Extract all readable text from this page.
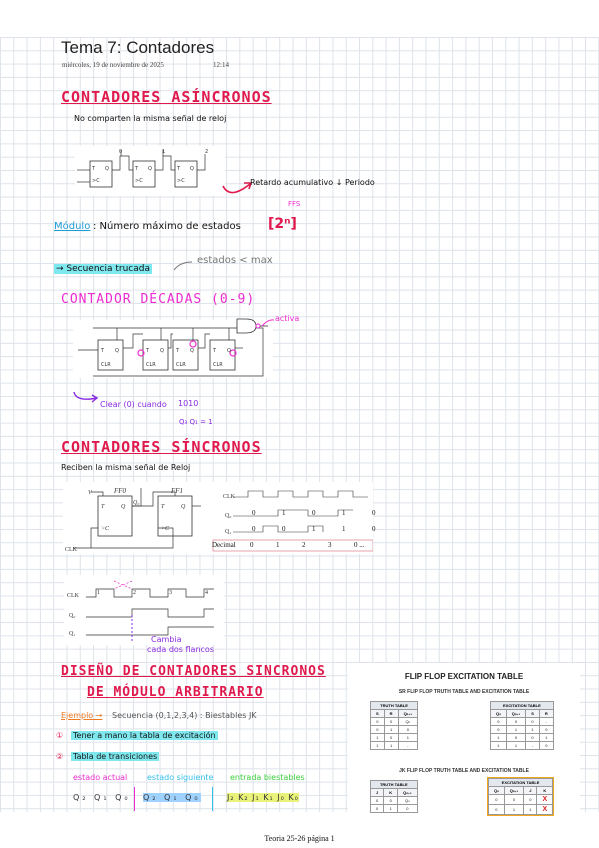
Tema 7: Contadores
miércoles, 19 de noviembre de 2025	12:14
CONTADORES ASÍNCRONOS
No comparten la misma señal de reloj
T Q	T Q	T Q
>C	>C	>C
0	1	2
Retardo acumulativo ↓ Periodo
Módulo : Número máximo de estados [2ⁿ]
FFS
→ Secuencia trucada
estados < max
CONTADOR DÉCADAS (0-9)
T Q	T Q T Q	T Q
CLR	CLR	CLR	CLR
activa
Clear (0) cuando 1010
Q₃ Q₁ = 1
CONTADORES SÍNCRONOS
Reciben la misma señal de Reloj
T	Q	T	Q
>C	>C
V
Q₀
FF0	FF1
CLK
CLK
Q₀
Q₁
Decimal 0	1	2	3	0 ...
0	1	0	1	0
0	0	1	1	0
CLK
Q₀
Q₁
1	2	3	4
Cambia
cada dos flancos
DISEÑO DE CONTADORES SINCRONOS
DE MÓDULO ARBITRARIO
Ejemplo → Secuencia (0,1,2,3,4) : Biestables JK
① Tener a mano la tabla de excitación
② Tabla de transiciones
estado actual estado siguiente entrada biestables
Q₂ Q₁ Q₀ Q₂ Q₁ Q₀	J₂ K₂ J₁ K₁ J₀ K₀
FLIP FLOP EXCITATION TABLE
SR FLIP FLOP TRUTH TABLE AND EXCITATION TABLE
TRUTH TABLE		
S	R	Qₙ₊₁
0	0	Qₙ
0	1	0
1	0	1
1	1	-
EXCITATION TABLE			
Qₙ	Qₙ₊₁	S	R
0	0	0	-
0	1	1	0
1	0	0	1
1	1	-	0
JK FLIP FLOP TRUTH TABLE AND EXCITATION TABLE
TRUTH TABLE		
J	K	Qₙ₊₁
0	0	Qₙ
0	1	0
EXCITATION TABLE			
Qₙ	Qₙ₊₁	J	K
0	0	0	X
0	1	1	X
Teoria 25-26 página 1
